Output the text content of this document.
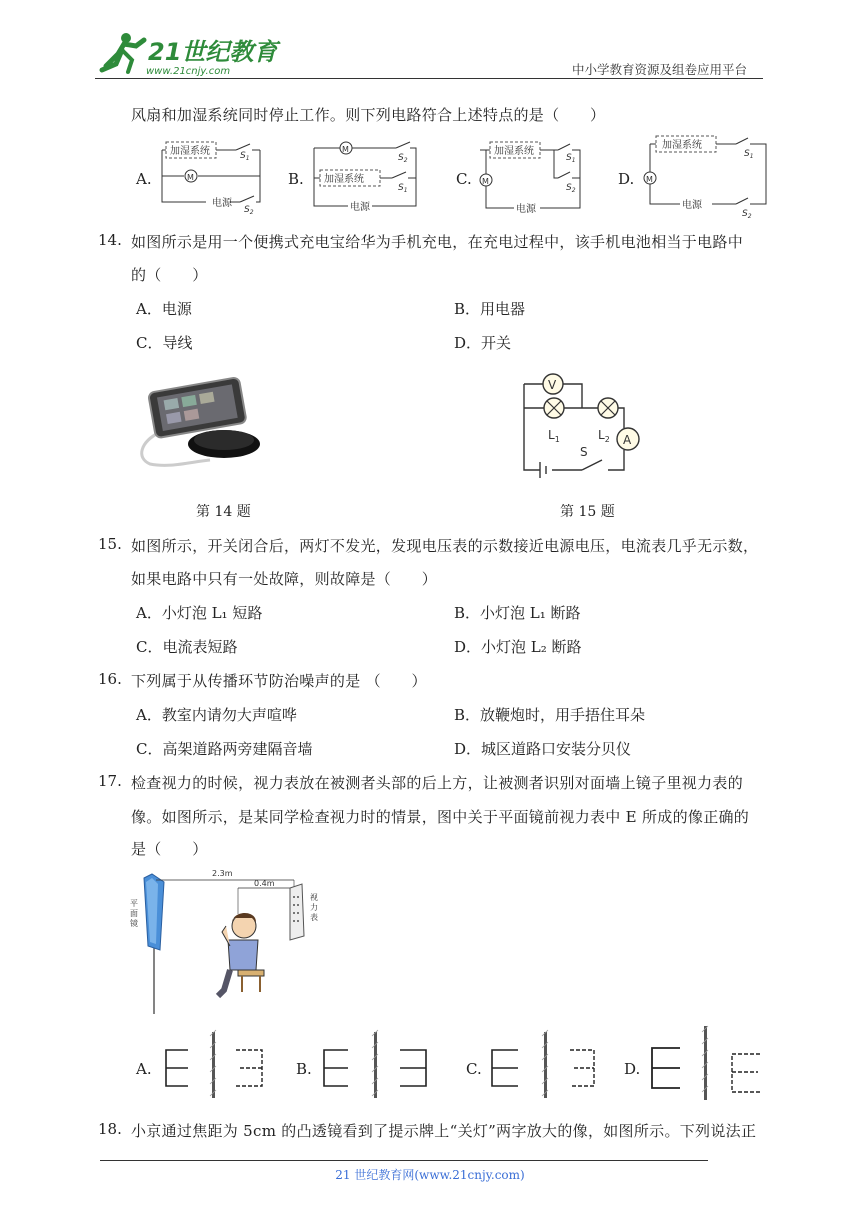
21世纪教育
www.21cnjy.com	中小学教育资源及组卷应用平台
风扇和加湿系统同时停止工作。则下列电路符合上述特点的是（　　）
A.
加湿系统
M
电源
$S_1$
$S_2$
B.
M
加湿系统
电源
$S_2$
$S_1$
C.
加湿系统
M
电源
$S_1$
$S_2$
D.
加湿系统
M
电源
$S_1$
$S_2$
14. 如图所示是用一个便携式充电宝给华为手机充电，在充电过程中，该手机电池相当于电路中
的（　　）
A．电源	B．用电器
C．导线	D．开关
第 14 题
V
A
$L_1$	$L_2$
S
第 15 题
15. 如图所示，开关闭合后，两灯不发光，发现电压表的示数接近电源电压，电流表几乎无示数，
如果电路中只有一处故障，则故障是（　　）
A．小灯泡 L₁ 短路	B．小灯泡 L₁ 断路
C．电流表短路	D．小灯泡 L₂ 断路
16. 下列属于从传播环节防治噪声的是 （　　）
A．教室内请勿大声喧哗	B．放鞭炮时，用手捂住耳朵
C．高架道路两旁建隔音墙	D．城区道路口安装分贝仪
17. 检查视力的时候，视力表放在被测者头部的后上方，让被测者识别对面墙上镜子里视力表的
像。如图所示，是某同学检查视力时的情景，图中关于平面镜前视力表中 E 所成的像正确的
是（　　）
平
面
镜
2.3m
0.4m
视
力
表
A.	B.	C.	D.
18. 小京通过焦距为 5cm 的凸透镜看到了提示牌上“关灯”两字放大的像，如图所示。下列说法正
21 世纪教育网(www.21cnjy.com)
